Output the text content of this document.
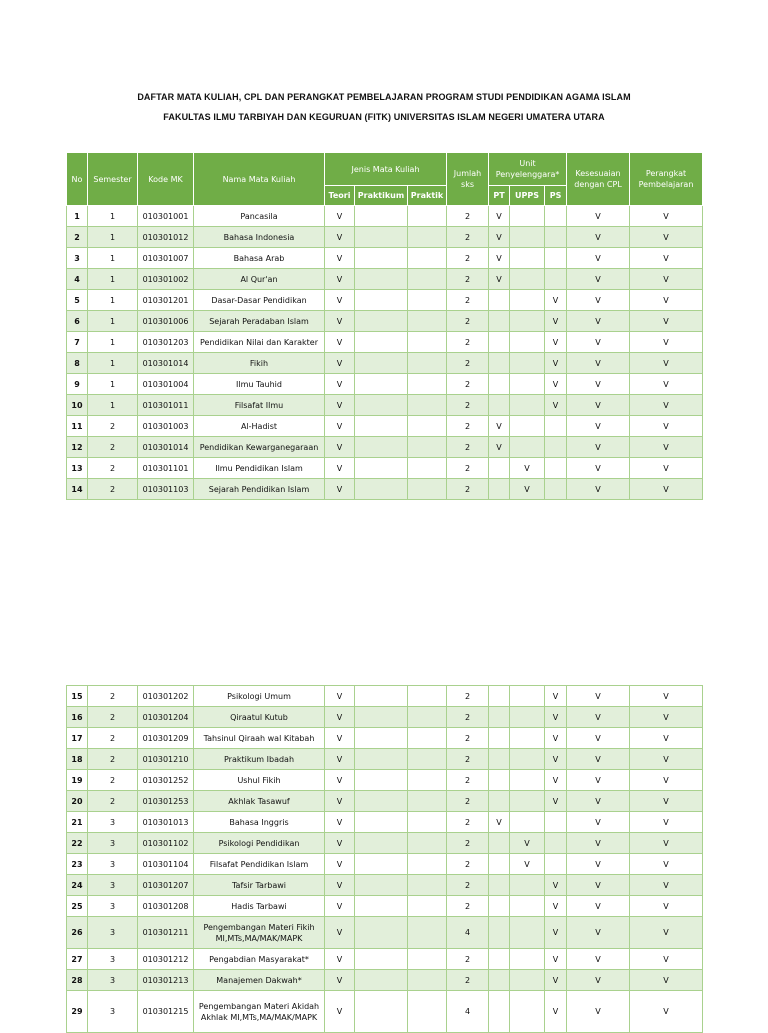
DAFTAR MATA KULIAH, CPL DAN PERANGKAT PEMBELAJARAN PROGRAM STUDI PENDIDIKAN AGAMA ISLAM
FAKULTAS ILMU TARBIYAH DAN KEGURUAN (FITK) UNIVERSITAS ISLAM NEGERI UMATERA UTARA
No	Semester	Kode MK	Nama Mata Kuliah	Jenis Mata Kuliah			Jumlah sks	Unit Penyelenggara*			Kesesuaian dengan CPL	Perangkat Pembelajaran
				Teori	Praktikum	Praktik		PT	UPPS	PS		
1	1	010301001	Pancasila	V			2	V			V	V
2	1	010301012	Bahasa Indonesia	V			2	V			V	V
3	1	010301007	Bahasa Arab	V			2	V			V	V
4	1	010301002	Al Qur'an	V			2	V			V	V
5	1	010301201	Dasar-Dasar Pendidikan	V			2			V	V	V
6	1	010301006	Sejarah Peradaban Islam	V			2			V	V	V
7	1	010301203	Pendidikan Nilai dan Karakter	V			2			V	V	V
8	1	010301014	Fikih	V			2			V	V	V
9	1	010301004	Ilmu Tauhid	V			2			V	V	V
10	1	010301011	Filsafat Ilmu	V			2			V	V	V
11	2	010301003	Al-Hadist	V			2	V			V	V
12	2	010301014	Pendidikan Kewarganegaraan	V			2	V			V	V
13	2	010301101	Ilmu Pendidikan Islam	V			2		V		V	V
14	2	010301103	Sejarah Pendidikan Islam	V			2		V		V	V
15	2	010301202	Psikologi Umum	V			2			V	V	V
16	2	010301204	Qiraatul Kutub	V			2			V	V	V
17	2	010301209	Tahsinul Qiraah wal Kitabah	V			2			V	V	V
18	2	010301210	Praktikum Ibadah	V			2			V	V	V
19	2	010301252	Ushul Fikih	V			2			V	V	V
20	2	010301253	Akhlak Tasawuf	V			2			V	V	V
21	3	010301013	Bahasa Inggris	V			2	V			V	V
22	3	010301102	Psikologi Pendidikan	V			2		V		V	V
23	3	010301104	Filsafat Pendidikan Islam	V			2		V		V	V
24	3	010301207	Tafsir Tarbawi	V			2			V	V	V
25	3	010301208	Hadis Tarbawi	V			2			V	V	V
26	3	010301211	Pengembangan Materi Fikih MI,MTs,MA/MAK/MAPK	V			4			V	V	V
27	3	010301212	Pengabdian Masyarakat*	V			2			V	V	V
28	3	010301213	Manajemen Dakwah*	V			2			V	V	V
29	3	010301215	Pengembangan Materi Akidah Akhlak MI,MTs,MA/MAK/MAPK	V			4			V	V	V
